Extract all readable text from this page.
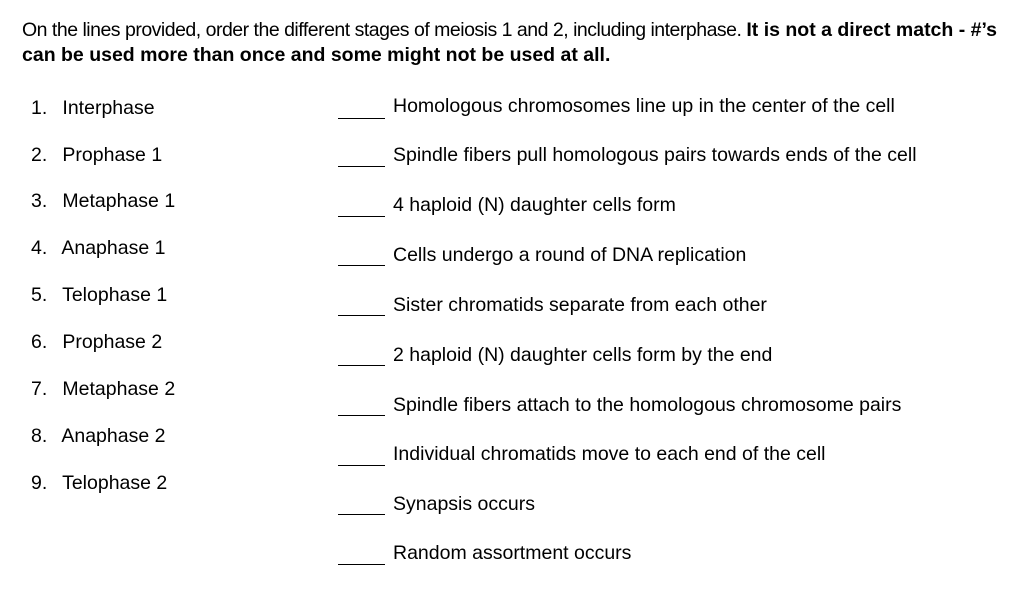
On the lines provided, order the different stages of meiosis 1 and 2, including interphase. It is not a direct match - #’s can be used more than once and some might not be used at all.
1. Interphase
2. Prophase 1
3. Metaphase 1
4. Anaphase 1
5. Telophase 1
6. Prophase 2
7. Metaphase 2
8. Anaphase 2
9. Telophase 2
Homologous chromosomes line up in the center of the cell
Spindle fibers pull homologous pairs towards ends of the cell
4 haploid (N) daughter cells form
Cells undergo a round of DNA replication
Sister chromatids separate from each other
2 haploid (N) daughter cells form by the end
Spindle fibers attach to the homologous chromosome pairs
Individual chromatids move to each end of the cell
Synapsis occurs
Random assortment occurs
